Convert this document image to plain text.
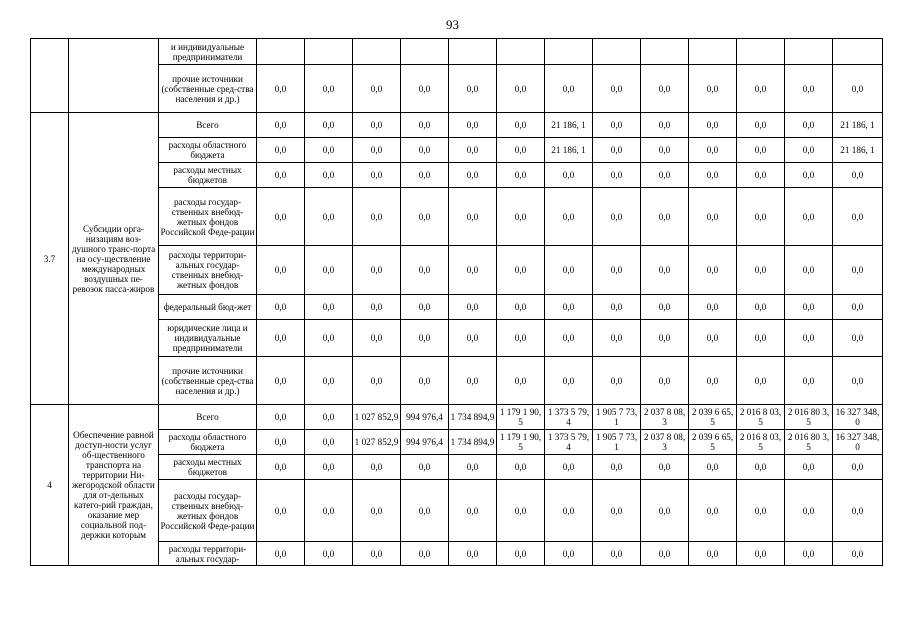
93
		и индивидуальные предприниматели													
		прочие источники (собственные сред-ства населения и др.)	0,0	0,0	0,0	0,0	0,0	0,0	0,0	0,0	0,0	0,0	0,0	0,0	0,0
3.7	Субсидии орга-низациям воз-душного транс-порта на осу-ществление международных воздушных пе-ревозок пасса-жиров	Всего	0,0	0,0	0,0	0,0	0,0	0,0	21 186, 1	0,0	0,0	0,0	0,0	0,0	21 186, 1
		расходы областного бюджета	0,0	0,0	0,0	0,0	0,0	0,0	21 186, 1	0,0	0,0	0,0	0,0	0,0	21 186, 1
		расходы местных бюджетов	0,0	0,0	0,0	0,0	0,0	0,0	0,0	0,0	0,0	0,0	0,0	0,0	0,0
		расходы государ-ственных внебюд-жетных фондов Российской Феде-рации	0,0	0,0	0,0	0,0	0,0	0,0	0,0	0,0	0,0	0,0	0,0	0,0	0,0
		расходы территори-альных государ-ственных внебюд-жетных фондов	0,0	0,0	0,0	0,0	0,0	0,0	0,0	0,0	0,0	0,0	0,0	0,0	0,0
		федеральный бюд-жет	0,0	0,0	0,0	0,0	0,0	0,0	0,0	0,0	0,0	0,0	0,0	0,0	0,0
		юридические лица и индивидуальные предприниматели	0,0	0,0	0,0	0,0	0,0	0,0	0,0	0,0	0,0	0,0	0,0	0,0	0,0
		прочие источники (собственные сред-ства населения и др.)	0,0	0,0	0,0	0,0	0,0	0,0	0,0	0,0	0,0	0,0	0,0	0,0	0,0
4	Обеспечение равной доступ-ности услуг об-щественного транспорта на территории Ни-жегородской области для от-дельных катего-рий граждан, оказание мер социальной под-держки которым	Всего	0,0	0,0	1 027 852,9	994 976,4	1 734 894,9	1 179 1 90,5	1 373 5 79,4	1 905 7 73,1	2 037 8 08,3	2 039 6 65,5	2 016 8 03,5	2 016 80 3,5	16 327 348,0
		расходы областного бюджета	0,0	0,0	1 027 852,9	994 976,4	1 734 894,9	1 179 1 90,5	1 373 5 79,4	1 905 7 73,1	2 037 8 08,3	2 039 6 65,5	2 016 8 03,5	2 016 80 3,5	16 327 348,0
		расходы местных бюджетов	0,0	0,0	0,0	0,0	0,0	0,0	0,0	0,0	0,0	0,0	0,0	0,0	0,0
		расходы государ-ственных внебюд-жетных фондов Российской Феде-рации	0,0	0,0	0,0	0,0	0,0	0,0	0,0	0,0	0,0	0,0	0,0	0,0	0,0
		расходы территори-альных государ-	0,0	0,0	0,0	0,0	0,0	0,0	0,0	0,0	0,0	0,0	0,0	0,0	0,0
